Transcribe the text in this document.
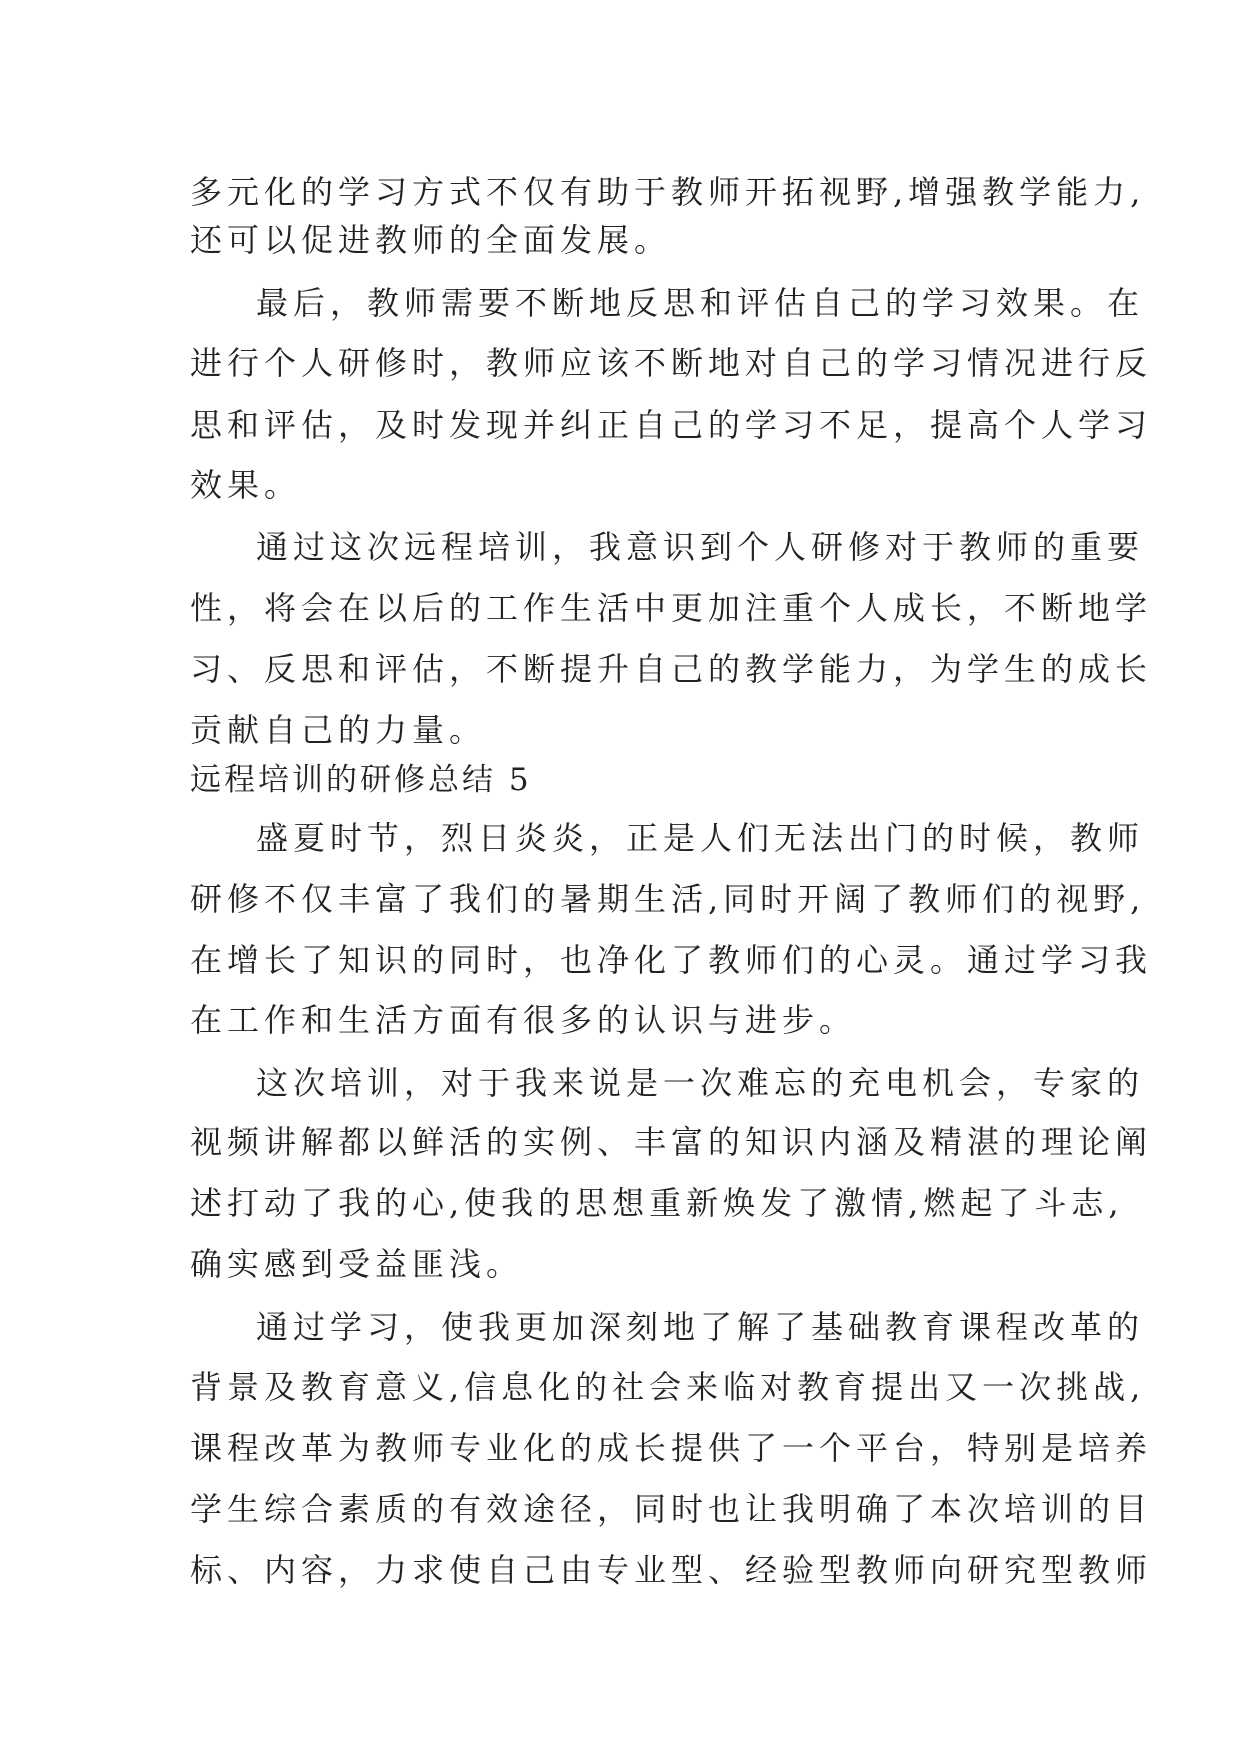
多元化的学习方式不仅有助于教师开拓视野,增强教学能力,
还可以促进教师的全面发展。
最后，教师需要不断地反思和评估自己的学习效果。在
进行个人研修时，教师应该不断地对自己的学习情况进行反
思和评估，及时发现并纠正自己的学习不足，提高个人学习
效果。
通过这次远程培训，我意识到个人研修对于教师的重要
性，将会在以后的工作生活中更加注重个人成长，不断地学
习、反思和评估，不断提升自己的教学能力，为学生的成长
贡献自己的力量。
远程培训的研修总结 5
盛夏时节，烈日炎炎，正是人们无法出门的时候，教师
研修不仅丰富了我们的暑期生活,同时开阔了教师们的视野,
在增长了知识的同时，也净化了教师们的心灵。通过学习我
在工作和生活方面有很多的认识与进步。
这次培训，对于我来说是一次难忘的充电机会，专家的
视频讲解都以鲜活的实例、丰富的知识内涵及精湛的理论阐
述打动了我的心,使我的思想重新焕发了激情,燃起了斗志,
确实感到受益匪浅。
通过学习，使我更加深刻地了解了基础教育课程改革的
背景及教育意义,信息化的社会来临对教育提出又一次挑战,
课程改革为教师专业化的成长提供了一个平台，特别是培养
学生综合素质的有效途径，同时也让我明确了本次培训的目
标、内容，力求使自己由专业型、经验型教师向研究型教师
